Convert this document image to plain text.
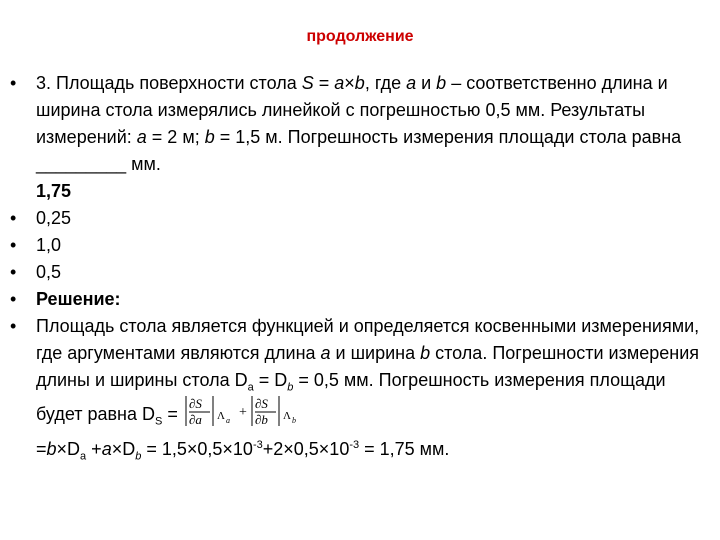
продолжение
• 3. Площадь поверхности стола S = a×b, где a и b – соответственно длина и ширина стола измерялись линейкой с погрешностью 0,5 мм. Результаты измерений: a = 2 м; b = 1,5 м. Погрешность измерения площади стола равна _________ мм.
1,75
• 0,25
• 1,0
• 0,5
• Решение:
• Площадь стола является функцией и определяется косвенными измерениями, где аргументами являются длина a и ширина b стола. Погрешности измерения длины и ширины стола $D_a = D_b = 0,5$ мм. Погрешность измерения площади будет равна $D_S$ =
∂S
∂a Λ a
+
∂S
∂b Λ b
$=b\times D_a +a\times D_b = 1,5\times 0,5\times 10^{-3}+2\times 0,5\times 10^{-3} = 1,75$ мм.
